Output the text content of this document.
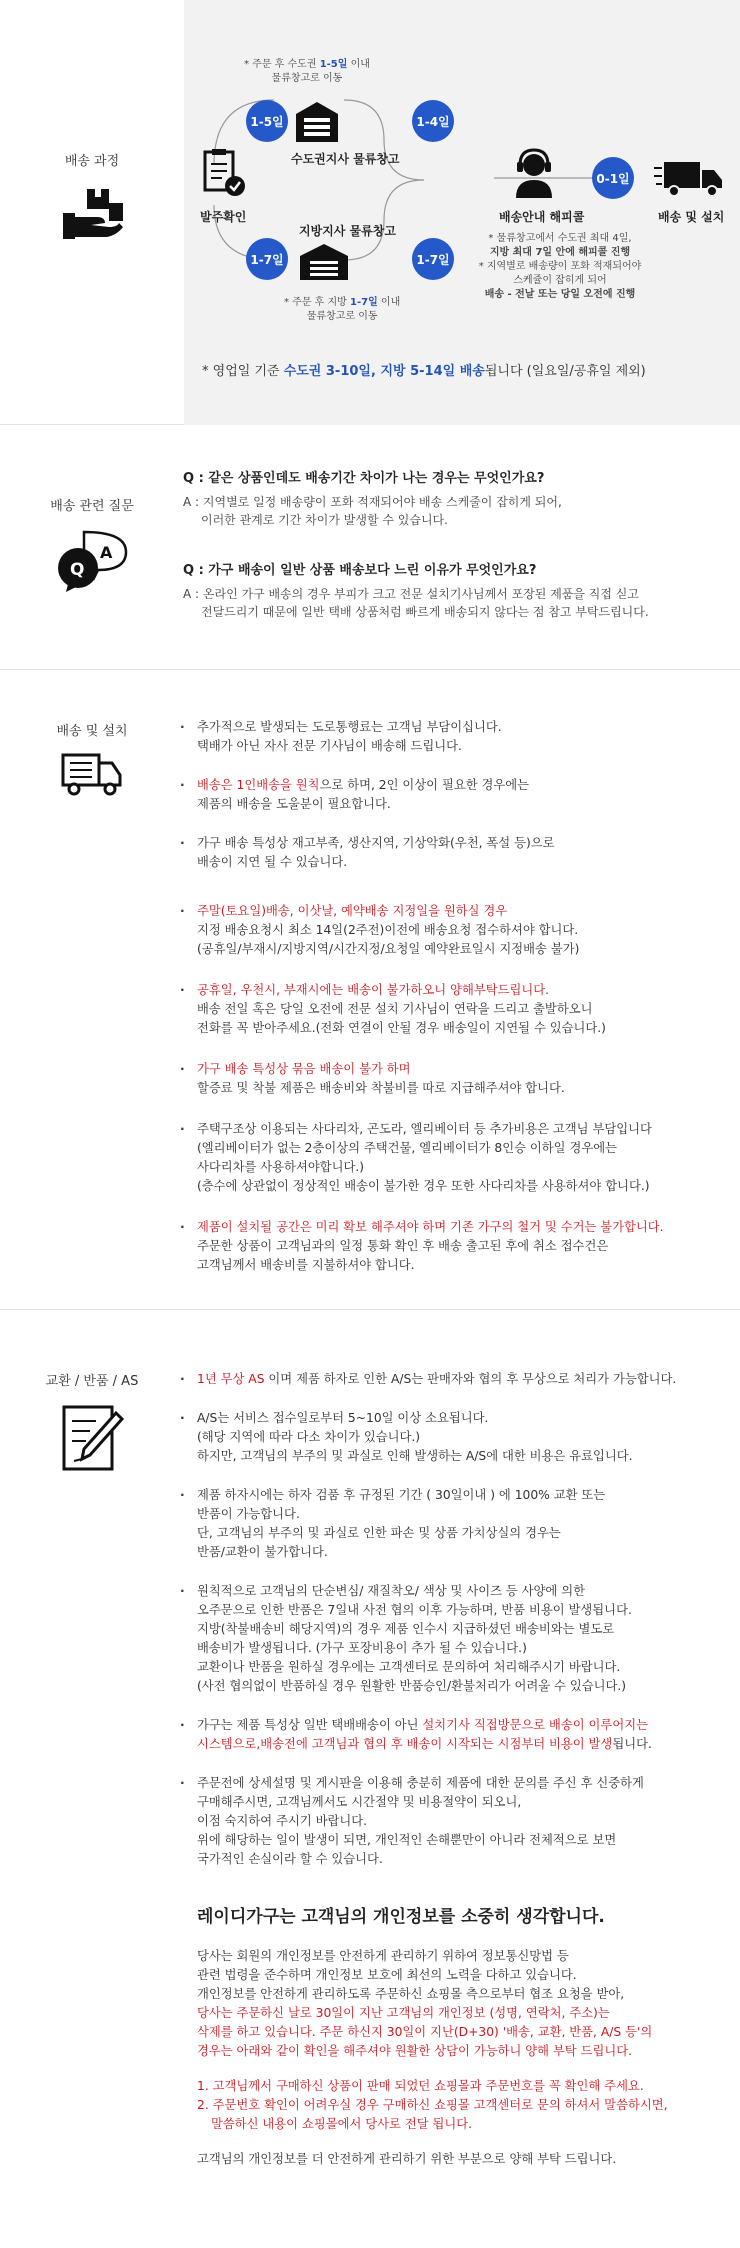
배송 과정
* 주문 후 수도권 1-5일 이내
물류창고로 이동
수도권지사 물류창고
발주확인
1-5일	1-4일
1-7일	1-7일
지방지사 물류창고
* 주문 후 지방 1-7일 이내
물류창고로 이동
배송안내 해피콜
0-1일
배송 및 설치
* 물류창고에서 수도권 최대 4일,
지방 최대 7일 안에 해피콜 진행
* 지역별로 배송량이 포화 적재되어야
스케쥴이 잡히게 되어
배송 - 전날 또는 당일 오전에 진행
* 영업일 기준 수도권 3-10일, 지방 5-14일 배송됩니다 (일요일/공휴일 제외)
배송 관련 질문
A
Q
Q : 같은 상품인데도 배송기간 차이가 나는 경우는 무엇인가요?
A : 지역별로 일정 배송량이 포화 적재되어야 배송 스케줄이 잡히게 되어,
이러한 관계로 기간 차이가 발생할 수 있습니다.
Q : 가구 배송이 일반 상품 배송보다 느린 이유가 무엇인가요?
A : 온라인 가구 배송의 경우 부피가 크고 전문 설치기사님께서 포장된 제품을 직접 싣고
전달드리기 때문에 일반 택배 상품처럼 빠르게 배송되지 않다는 점 참고 부탁드립니다.
배송 및 설치	· 추가적으로 발생되는 도로통행료는 고객님 부담이십니다.
택배가 아닌 자사 전문 기사님이 배송해 드립니다.
· 배송은 1인배송을 원칙으로 하며, 2인 이상이 필요한 경우에는
제품의 배송을 도울분이 필요합니다.
· 가구 배송 특성상 재고부족, 생산지역, 기상악화(우천, 폭설 등)으로
배송이 지연 될 수 있습니다.
· 주말(토요일)배송, 이삿날, 예약배송 지정일을 원하실 경우
지정 배송요청시 최소 14일(2주전)이전에 배송요청 접수하셔야 합니다.
(공휴일/부재시/지방지역/시간지정/요청일 예약완료일시 지정배송 불가)
· 공휴일, 우천시, 부재시에는 배송이 불가하오니 양해부탁드립니다.
배송 전일 혹은 당일 오전에 전문 설치 기사님이 연락을 드리고 출발하오니
전화를 꼭 받아주세요.(전화 연결이 안될 경우 배송일이 지연될 수 있습니다.)
· 가구 배송 특성상 묶음 배송이 불가 하며
할증료 및 착불 제품은 배송비와 착불비를 따로 지급해주셔야 합니다.
· 주택구조상 이용되는 사다리차, 곤도라, 엘리베이터 등 추가비용은 고객님 부담입니다
(엘리베이터가 없는 2층이상의 주택건물, 엘리베이터가 8인승 이하일 경우에는
사다리차를 사용하셔야합니다.)
(층수에 상관없이 정상적인 배송이 불가한 경우 또한 사다리차를 사용하셔야 합니다.)
· 제품이 설치될 공간은 미리 확보 해주셔야 하며 기존 가구의 철거 및 수거는 불가합니다.
주문한 상품이 고객님과의 일정 통화 확인 후 배송 출고된 후에 취소 접수건은
고객님께서 배송비를 지불하셔야 합니다.
교환 / 반품 / AS	· 1년 무상 AS 이며 제품 하자로 인한 A/S는 판매자와 협의 후 무상으로 처리가 가능합니다.
· A/S는 서비스 접수일로부터 5~10일 이상 소요됩니다.
(해당 지역에 따라 다소 차이가 있습니다.)
하지만, 고객님의 부주의 및 과실로 인해 발생하는 A/S에 대한 비용은 유료입니다.
· 제품 하자시에는 하자 검품 후 규정된 기간 ( 30일이내 ) 에 100% 교환 또는
반품이 가능합니다.
단, 고객님의 부주의 및 과실로 인한 파손 및 상품 가치상실의 경우는
반품/교환이 불가합니다.
· 원칙적으로 고객님의 단순변심/ 재질착오/ 색상 및 사이즈 등 사양에 의한
오주문으로 인한 반품은 7일내 사전 협의 이후 가능하며, 반품 비용이 발생됩니다.
지방(착불배송비 해당지역)의 경우 제품 인수시 지급하셨던 배송비와는 별도로
배송비가 발생됩니다. (가구 포장비용이 추가 될 수 있습니다.)
교환이나 반품을 원하실 경우에는 고객센터로 문의하여 처리해주시기 바랍니다.
(사전 협의없이 반품하실 경우 원활한 반품승인/환불처리가 어려울 수 있습니다.)
· 가구는 제품 특성상 일반 택배배송이 아닌 설치기사 직접방문으로 배송이 이루어지는
시스템으로,배송전에 고객님과 협의 후 배송이 시작되는 시점부터 비용이 발생됩니다.
· 주문전에 상세설명 및 게시판을 이용해 충분히 제품에 대한 문의를 주신 후 신중하게
구매해주시면, 고객님께서도 시간절약 및 비용절약이 되오니,
이점 숙지하여 주시기 바랍니다.
위에 해당하는 일이 발생이 되면, 개인적인 손해뿐만이 아니라 전체적으로 보면
국가적인 손실이라 할 수 있습니다.
레이디가구는 고객님의 개인정보를 소중히 생각합니다.
당사는 회원의 개인정보를 안전하게 관리하기 위하여 정보통신망법 등
관련 법령을 준수하며 개인정보 보호에 최선의 노력을 다하고 있습니다.
개인정보를 안전하게 관리하도록 주문하신 쇼핑몰 측으로부터 협조 요청을 받아,
당사는 주문하신 날로 30일이 지난 고객님의 개인정보 (성명, 연락처, 주소)는
삭제를 하고 있습니다. 주문 하신지 30일이 지난(D+30) '배송, 교환, 반품, A/S 등'의
경우는 아래와 같이 확인을 해주셔야 원활한 상담이 가능하니 양해 부탁 드립니다.
1. 고객님께서 구매하신 상품이 판매 되었던 쇼핑몰과 주문번호를 꼭 확인해 주세요.
2. 주문번호 확인이 어려우실 경우 구매하신 쇼핑몰 고객센터로 문의 하셔서 말씀하시면,
말씀하신 내용이 쇼핑몰에서 당사로 전달 됩니다.
고객님의 개인정보를 더 안전하게 관리하기 위한 부분으로 양해 부탁 드립니다.
